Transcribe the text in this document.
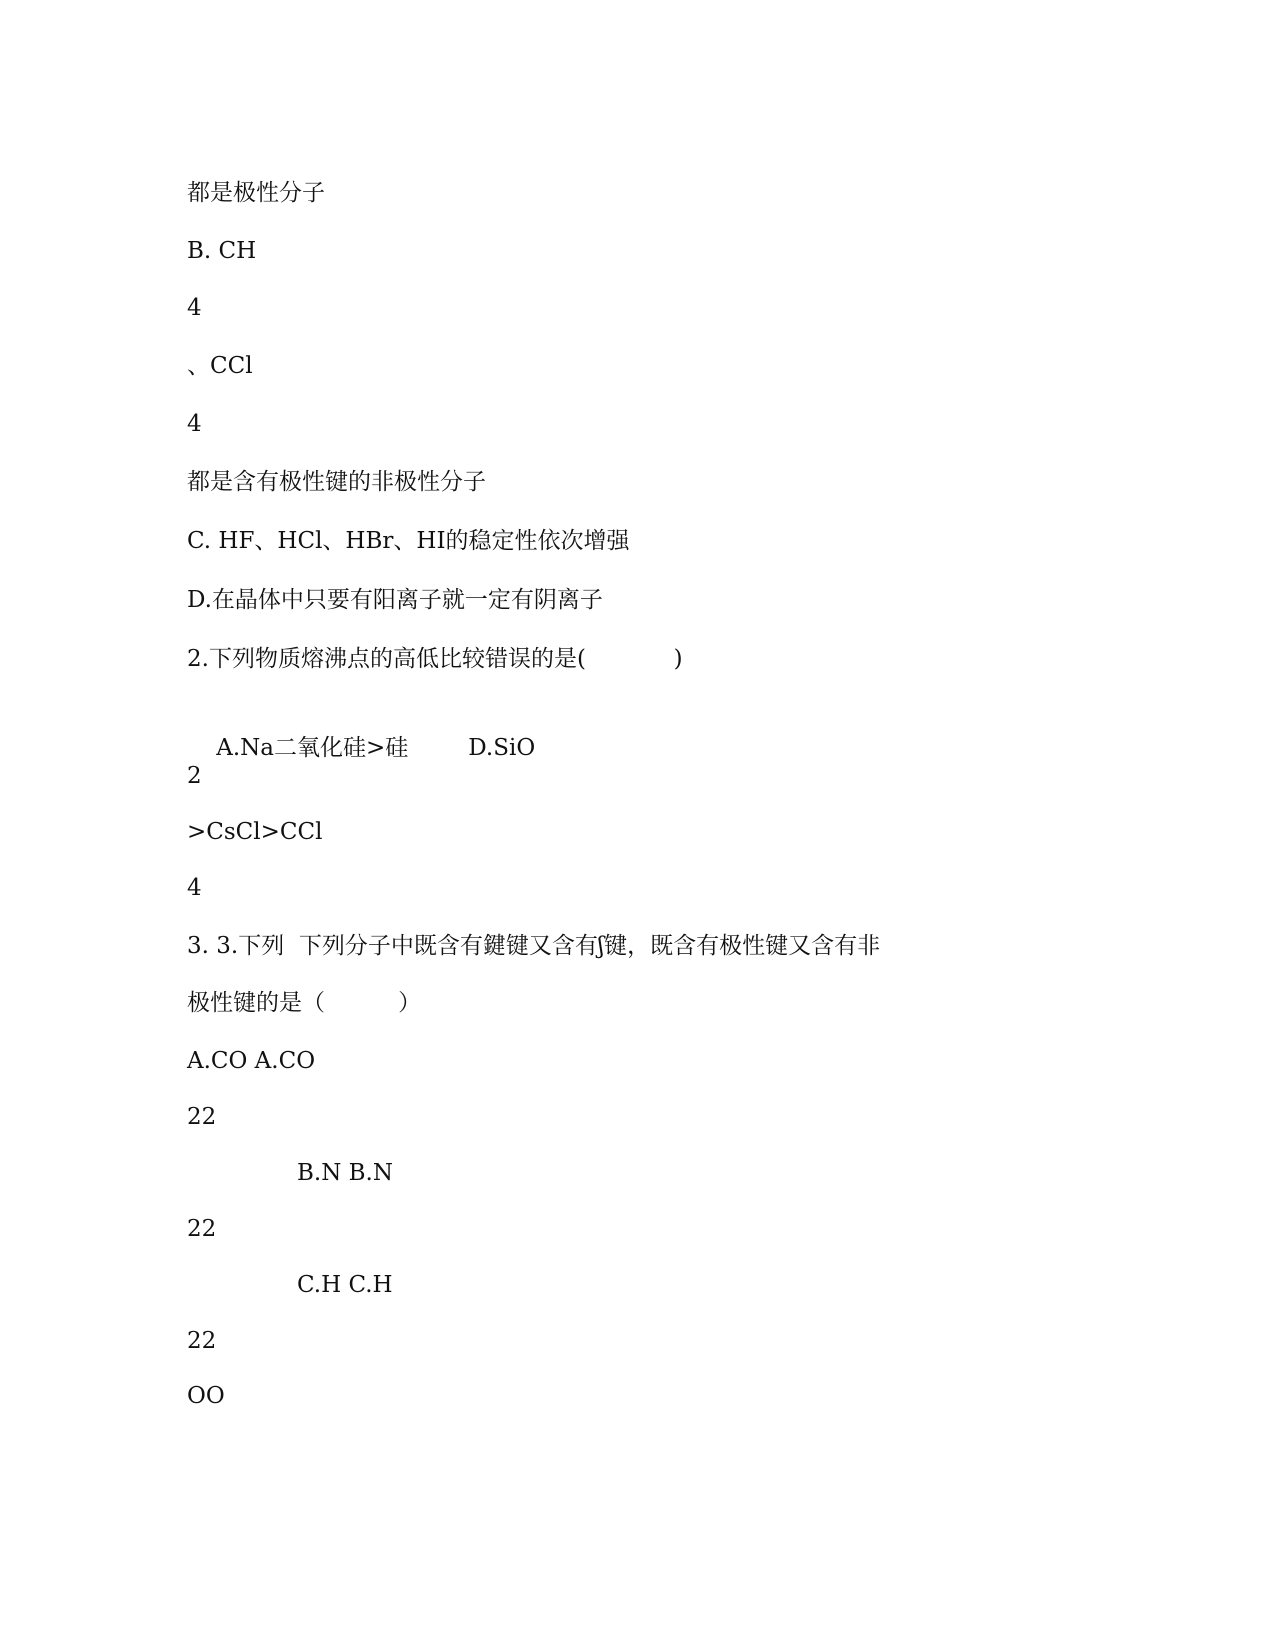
都是极性分子
B. CH
4
、CCl
4
都是含有极性键的非极性分子
C. HF、HCl、HBr、HI的稳定性依次增强
D.在晶体中只要有阳离子就一定有阴离子
2.下列物质熔沸点的高低比较错误的是(            )

A.Na二氧化硅>硅	D.SiO

2
>CsCl>CCl
4
3. 3.下列  下列分子中既含有鍵键又含有ʃ键，既含有极性键又含有非
极性键的是（          ）
A.CO A.CO
22
B.N B.N
22
C.H C.H
22
OO
